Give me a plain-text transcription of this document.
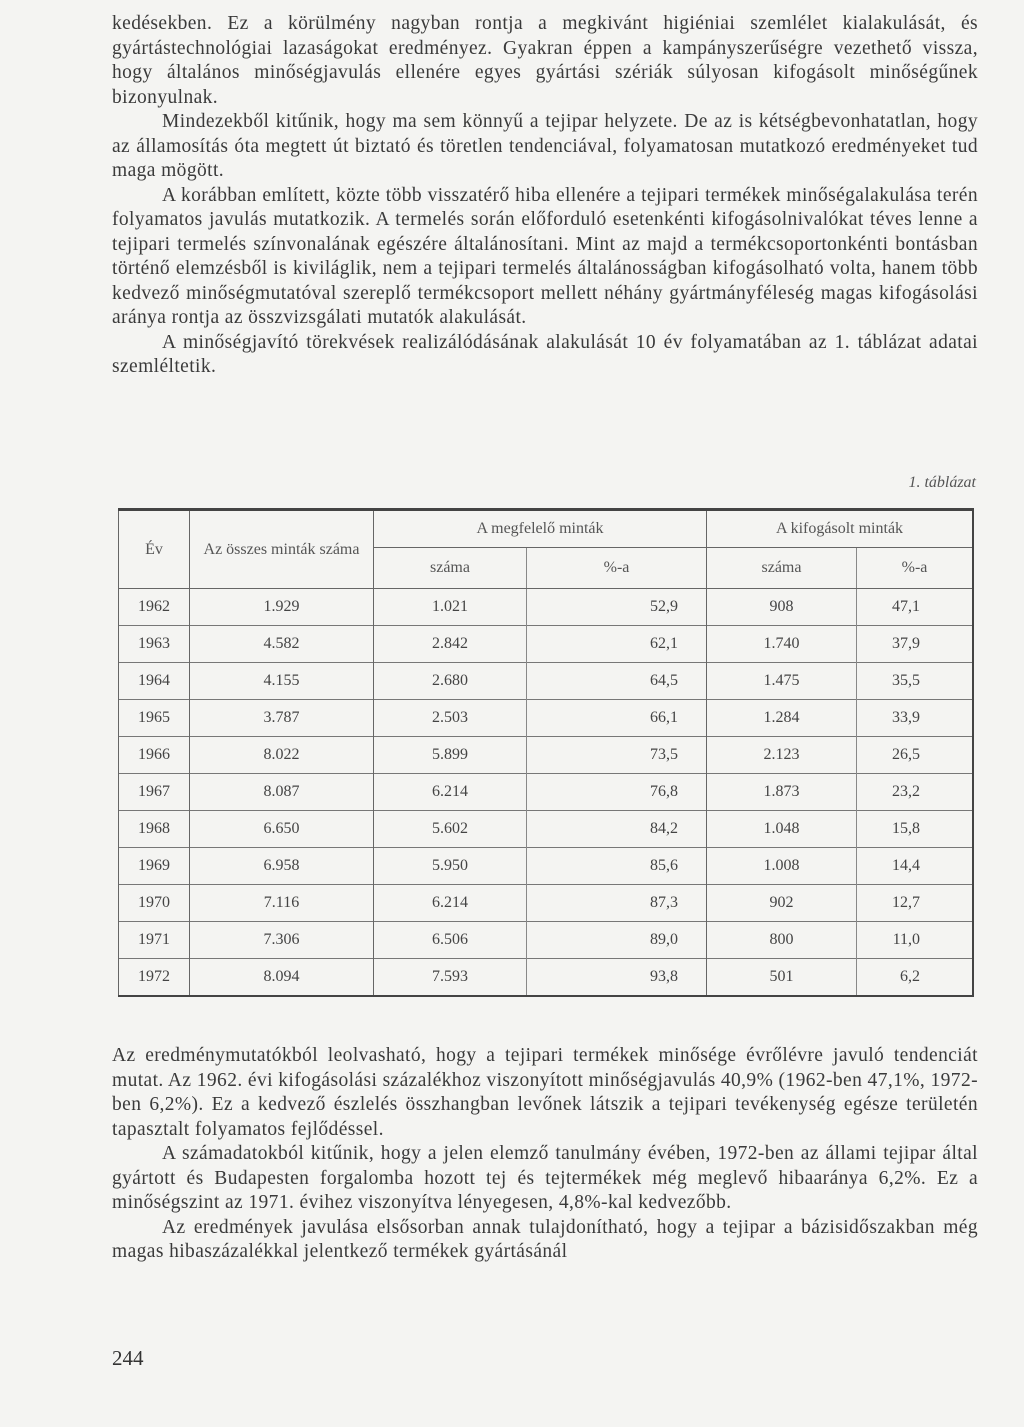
kedésekben. Ez a körülmény nagyban rontja a megkivánt higiéniai szemlélet kialakulását, és gyártástechnológiai lazaságokat eredményez. Gyakran éppen a kampányszerűségre vezethető vissza, hogy általános minőségjavulás ellenére egyes gyártási szériák súlyosan kifogásolt minőségűnek bizonyulnak.

Mindezekből kitűnik, hogy ma sem könnyű a tejipar helyzete. De az is kétségbevonhatatlan, hogy az államosítás óta megtett út biztató és töretlen tendenciával, folyamatosan mutatkozó eredményeket tud maga mögött.

A korábban említett, közte több visszatérő hiba ellenére a tejipari termékek minőségalakulása terén folyamatos javulás mutatkozik. A termelés során előforduló esetenkénti kifogásolnivalókat téves lenne a tejipari termelés színvonalának egészére általánosítani. Mint az majd a termékcsoportonkénti bontásban történő elemzésből is kiviláglik, nem a tejipari termelés általánosságban kifogásolható volta, hanem több kedvező minőségmutatóval szereplő termékcsoport mellett néhány gyártmányféleség magas kifogásolási aránya rontja az összvizsgálati mutatók alakulását.

A minőségjavító törekvések realizálódásának alakulását 10 év folyamatában az 1. táblázat adatai szemléltetik.

1. táblázat
Év	Az összes minták száma	A megfelelő minták		A kifogásolt minták	
		száma	%-a	száma	%-a
1962	1.929	1.021	52,9	908	47,1
1963	4.582	2.842	62,1	1.740	37,9
1964	4.155	2.680	64,5	1.475	35,5
1965	3.787	2.503	66,1	1.284	33,9
1966	8.022	5.899	73,5	2.123	26,5
1967	8.087	6.214	76,8	1.873	23,2
1968	6.650	5.602	84,2	1.048	15,8
1969	6.958	5.950	85,6	1.008	14,4
1970	7.116	6.214	87,3	902	12,7
1971	7.306	6.506	89,0	800	11,0
1972	8.094	7.593	93,8	501	6,2

Az eredménymutatókból leolvasható, hogy a tejipari termékek minősége évrőlévre javuló tendenciát mutat. Az 1962. évi kifogásolási százalékhoz viszonyított minőségjavulás 40,9% (1962-ben 47,1%, 1972-ben 6,2%). Ez a kedvező észlelés összhangban levőnek látszik a tejipari tevékenység egésze területén tapasztalt folyamatos fejlődéssel.

A számadatokból kitűnik, hogy a jelen elemző tanulmány évében, 1972-ben az állami tejipar által gyártott és Budapesten forgalomba hozott tej és tejtermékek még meglevő hibaaránya 6,2%. Ez a minőségszint az 1971. évihez viszonyítva lényegesen, 4,8%-kal kedvezőbb.

Az eredmények javulása elsősorban annak tulajdonítható, hogy a tejipar a bázisidőszakban még magas hibaszázalékkal jelentkező termékek gyártásánál

244
